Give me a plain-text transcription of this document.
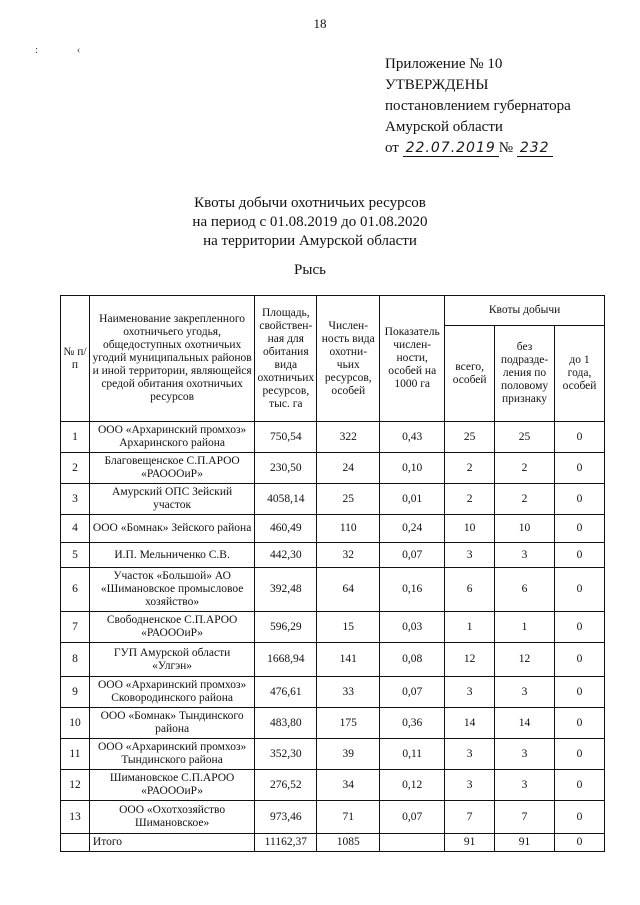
18
: ‹
Приложение № 10
УТВЕРЖДЕНЫ
постановлением губернатора
Амурской области
от 22.07.2019 № 232
Квоты добычи охотничьих ресурсов
на период с 01.08.2019 до 01.08.2020
на территории Амурской области
Рысь
№ п/п	Наименование закрепленного охотничьего угодья, общедоступных охотничьих угодий муниципальных районов и иной территории, являющейся средой обитания охотничьих ресурсов	Площадь, свойствен-ная для обитания вида охотничьих ресурсов, тыс. га	Числен-ность вида охотни-чьих ресурсов, особей	Показатель числен-ности, особей на 1000 га	Квоты добычи		
					всего, особей	без подразде-ления по половому признаку	до 1 года, особей
1	ООО «Архаринский промхоз» Архаринского района	750,54	322	0,43	25	25	0
2	Благовещенское С.П.АРОО «РАОООиР»	230,50	24	0,10	2	2	0
3	Амурский ОПС Зейский участок	4058,14	25	0,01	2	2	0
4	ООО «Бомнак» Зейского района	460,49	110	0,24	10	10	0
5	И.П. Мельниченко С.В.	442,30	32	0,07	3	3	0
6	Участок «Большой» АО «Шимановское промысловое хозяйство»	392,48	64	0,16	6	6	0
7	Свободненское С.П.АРОО «РАОООиР»	596,29	15	0,03	1	1	0
8	ГУП Амурской области «Улгэн»	1668,94	141	0,08	12	12	0
9	ООО «Архаринский промхоз» Сковородинского района	476,61	33	0,07	3	3	0
10	ООО «Бомнак» Тындинского района	483,80	175	0,36	14	14	0
11	ООО «Архаринский промхоз» Тындинского района	352,30	39	0,11	3	3	0
12	Шимановское С.П.АРОО «РАОООиР»	276,52	34	0,12	3	3	0
13	ООО «Охотхозяйство Шимановское»	973,46	71	0,07	7	7	0
	Итого	11162,37	1085		91	91	0
